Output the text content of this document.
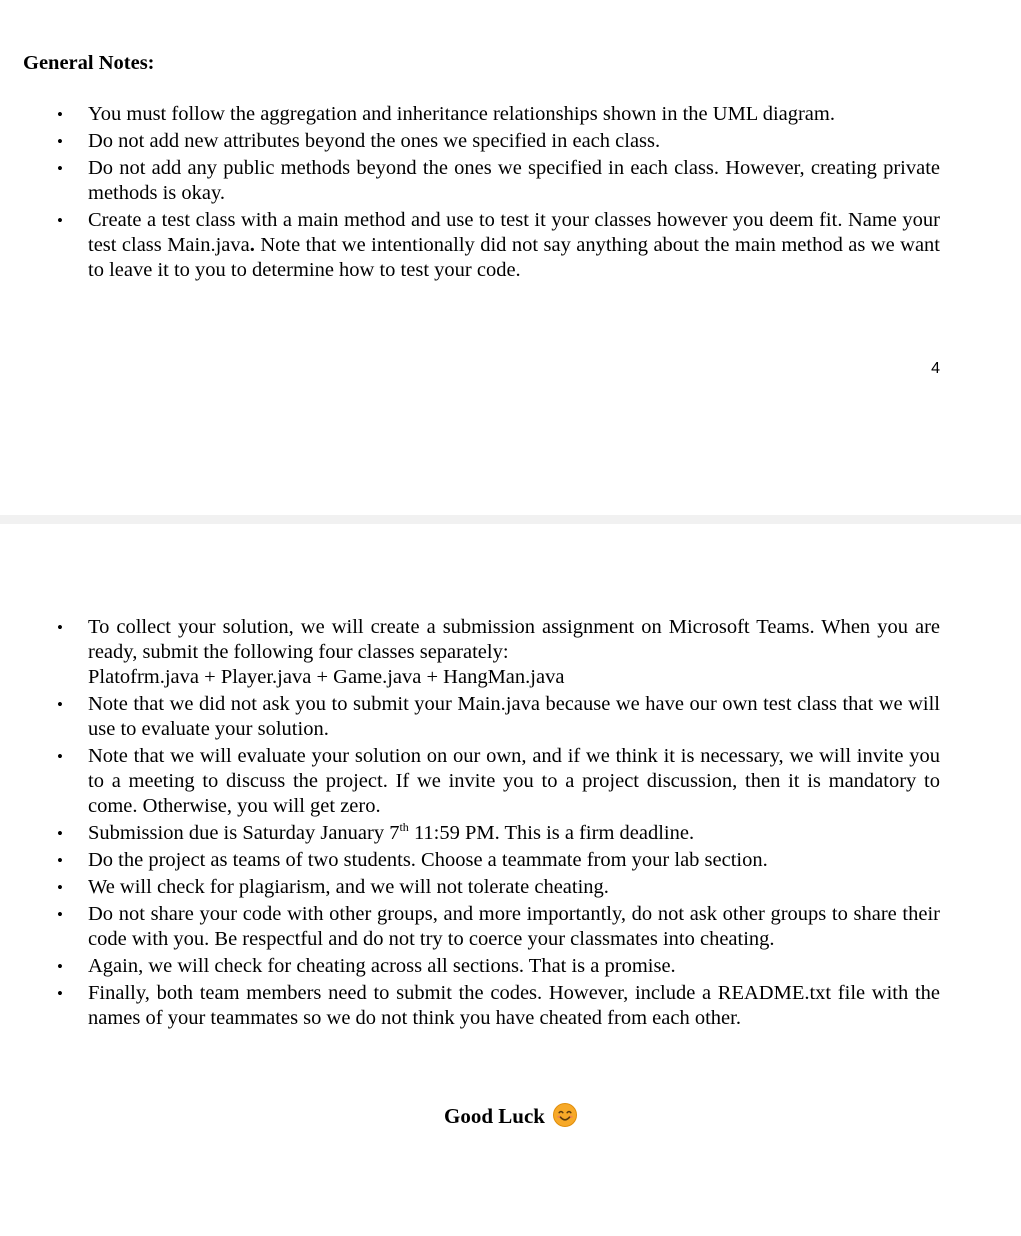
General Notes:
• You must follow the aggregation and inheritance relationships shown in the UML diagram.
• Do not add new attributes beyond the ones we specified in each class.
• Do not add any public methods beyond the ones we specified in each class. However, creating private methods is okay.
• Create a test class with a main method and use to test it your classes however you deem fit. Name your test class Main.java. Note that we intentionally did not say anything about the main method as we want to leave it to you to determine how to test your code.
4
• To collect your solution, we will create a submission assignment on Microsoft Teams. When you are ready, submit the following four classes separately:
Platofrm.java + Player.java + Game.java + HangMan.java
• Note that we did not ask you to submit your Main.java because we have our own test class that we will use to evaluate your solution.
• Note that we will evaluate your solution on our own, and if we think it is necessary, we will invite you to a meeting to discuss the project. If we invite you to a project discussion, then it is mandatory to come. Otherwise, you will get zero.
• Submission due is Saturday January 7th 11:59 PM. This is a firm deadline.
• Do the project as teams of two students. Choose a teammate from your lab section.
• We will check for plagiarism, and we will not tolerate cheating.
• Do not share your code with other groups, and more importantly, do not ask other groups to share their code with you. Be respectful and do not try to coerce your classmates into cheating.
• Again, we will check for cheating across all sections. That is a promise.
• Finally, both team members need to submit the codes. However, include a README.txt file with the names of your teammates so we do not think you have cheated from each other.
Good Luck
